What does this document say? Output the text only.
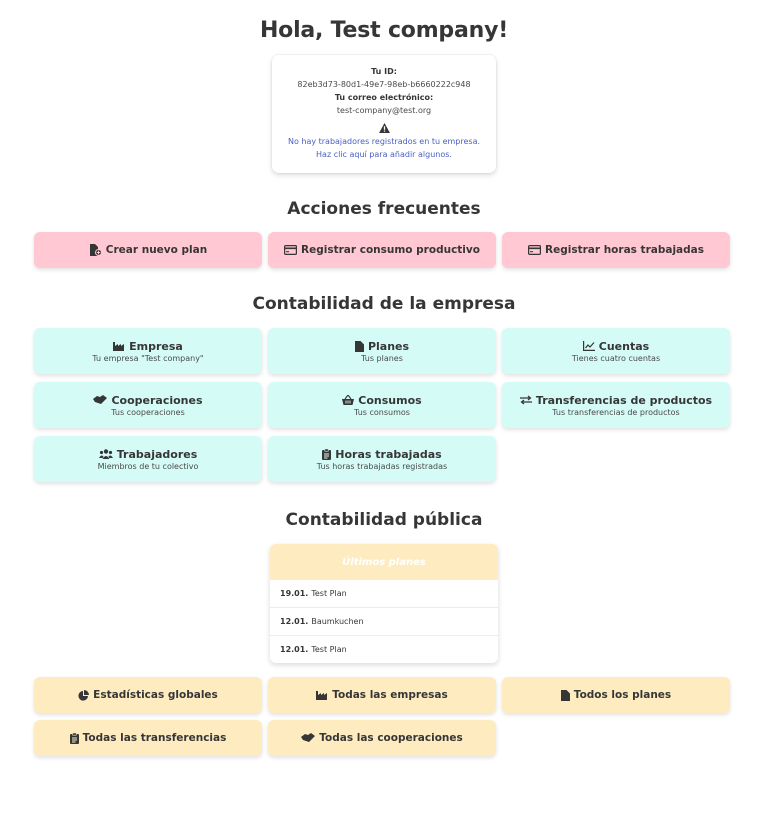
Hola, Test company!
Tu ID:
82eb3d73-80d1-49e7-98eb-b6660222c948
Tu correo electrónico:
test-company@test.org
No hay trabajadores registrados en tu empresa.
Haz clic aquí para añadir algunos.
Acciones frecuentes
Crear nuevo plan	Registrar consumo productivo	Registrar horas trabajadas
Contabilidad de la empresa
Empresa
Tu empresa "Test company"
Planes
Tus planes
Cuentas
Tienes cuatro cuentas
Cooperaciones
Tus cooperaciones
Consumos
Tus consumos
Transferencias de productos
Tus transferencias de productos
Trabajadores
Miembros de tu colectivo
Horas trabajadas
Tus horas trabajadas registradas
Contabilidad pública
Últimos planes
19.01. Test Plan
12.01. Baumkuchen
12.01. Test Plan
Estadísticas globales	Todas las empresas	Todos los planes
Todas las transferencias	Todas las cooperaciones
